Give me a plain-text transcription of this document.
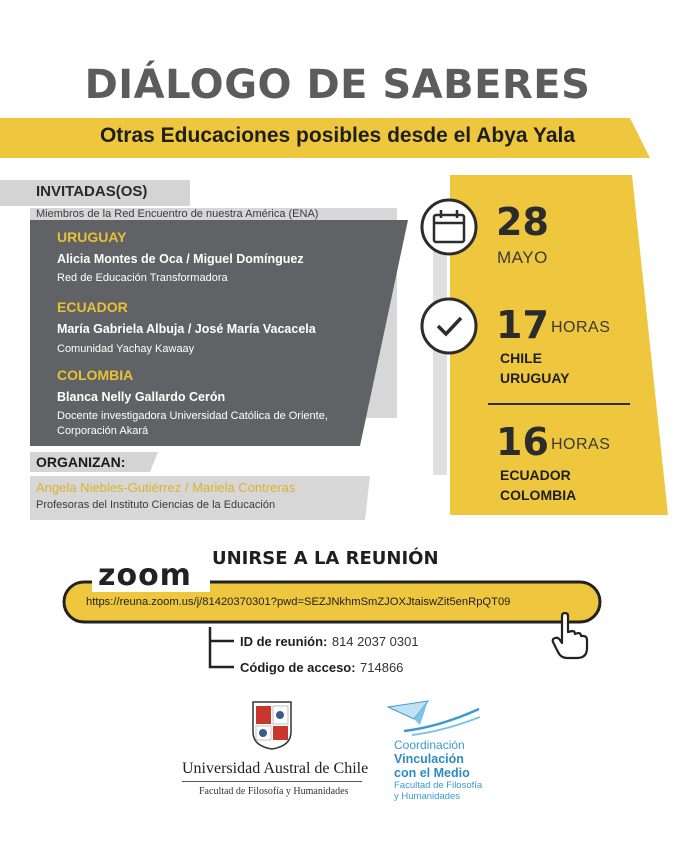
DIÁLOGO DE SABERES
Otras Educaciones posibles desde el Abya Yala
INVITADAS(OS)
Miembros de la Red Encuentro de nuestra América (ENA)
URUGUAY
Alicia Montes de Oca / Miguel Domínguez
Red de Educación Transformadora
ECUADOR
María Gabriela Albuja / José María Vacacela
Comunidad Yachay Kawaay
COLOMBIA
Blanca Nelly Gallardo Cerón
Docente investigadora Universidad Católica de Oriente,
Corporación Akará
ORGANIZAN:
Angela Niebles-Gutiérrez / Mariela Contreras
Profesoras del Instituto Ciencias de la Educación
28
MAYO
17 HORAS
CHILE
URUGUAY
16 HORAS
ECUADOR
COLOMBIA
UNIRSE A LA REUNIÓN
zoom
https://reuna.zoom.us/j/81420370301?pwd=SEZJNkhmSmZJOXJtaiswZit5enRpQT09
ID de reunión: 814 2037 0301
Código de acceso: 714866
Universidad Austral de Chile
Facultad de Filosofía y Humanidades
Coordinación
Vinculación
con el Medio
Facultad de Filosofía
y Humanidades
